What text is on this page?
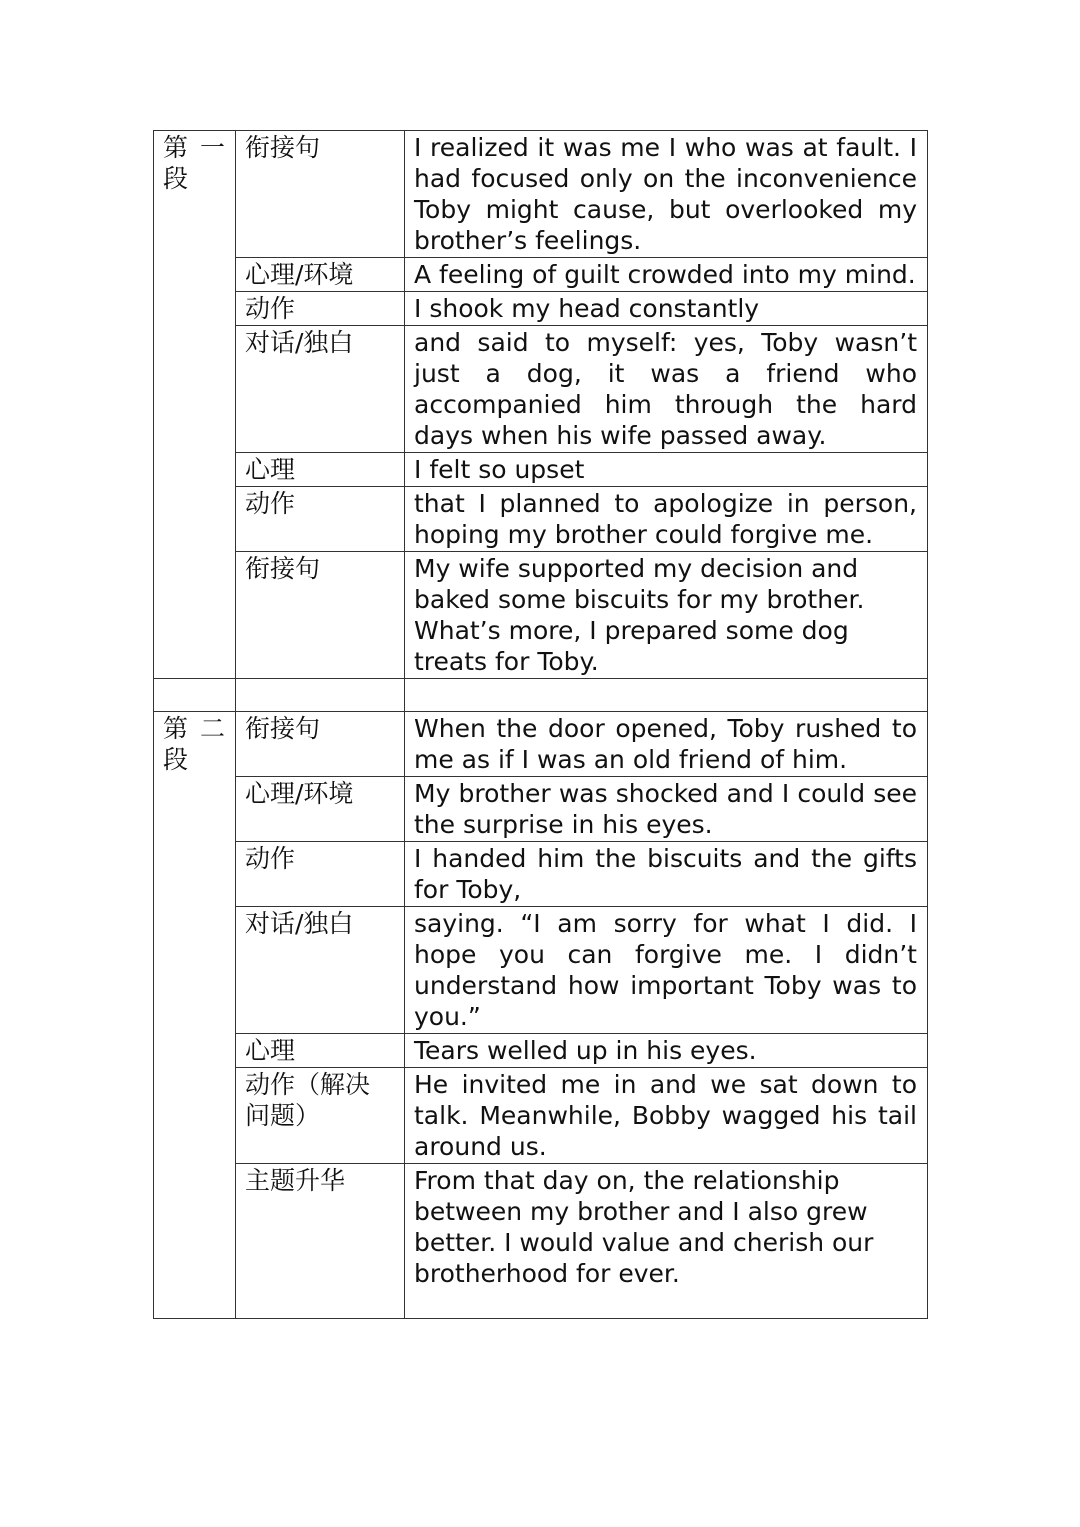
第 一 段	衔接句	I realized it was me I who was at fault. I had focused only on the inconvenience Toby might cause, but overlooked my brother’s feelings.
	心理/环境	A feeling of guilt crowded into my mind.
	动作	I shook my head constantly
	对话/独白	and said to myself: yes, Toby wasn’t just a dog, it was a friend who accompanied him through the hard days when his wife passed away.
	心理	I felt so upset
	动作	that I planned to apologize in person, hoping my brother could forgive me.
	衔接句	My wife supported my decision and baked some biscuits for my brother. What’s more, I prepared some dog treats for Toby.

第 二 段	衔接句	When the door opened, Toby rushed to me as if I was an old friend of him.
	心理/环境	My brother was shocked and I could see the surprise in his eyes.
	动作	I handed him the biscuits and the gifts for Toby,
	对话/独白	saying. “I am sorry for what I did. I hope you can forgive me. I didn’t understand how important Toby was to you.”
	心理	Tears welled up in his eyes.
	动作（解决问题）	He invited me in and we sat down to talk. Meanwhile, Bobby wagged his tail around us.
	主题升华	From that day on, the relationship between my brother and I also grew better. I would value and cherish our brotherhood for ever.
